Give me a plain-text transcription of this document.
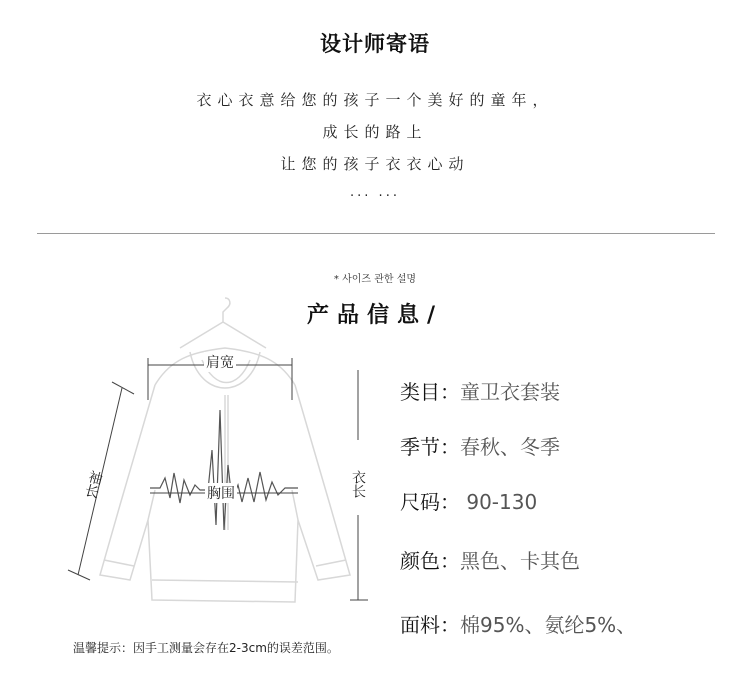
设计师寄语
衣心衣意给您的孩子一个美好的童年，
成长的路上
让您的孩子衣衣心动
... ...
* 사이즈 관한 설명
产品信息/
肩宽
胸围
袖长	衣长
类目：童卫衣套装
季节：春秋、冬季
尺码： 90-130
颜色：黑色、卡其色
面料：棉95%、氨纶5%、
温馨提示：因手工测量会存在2-3cm的误差范围。
